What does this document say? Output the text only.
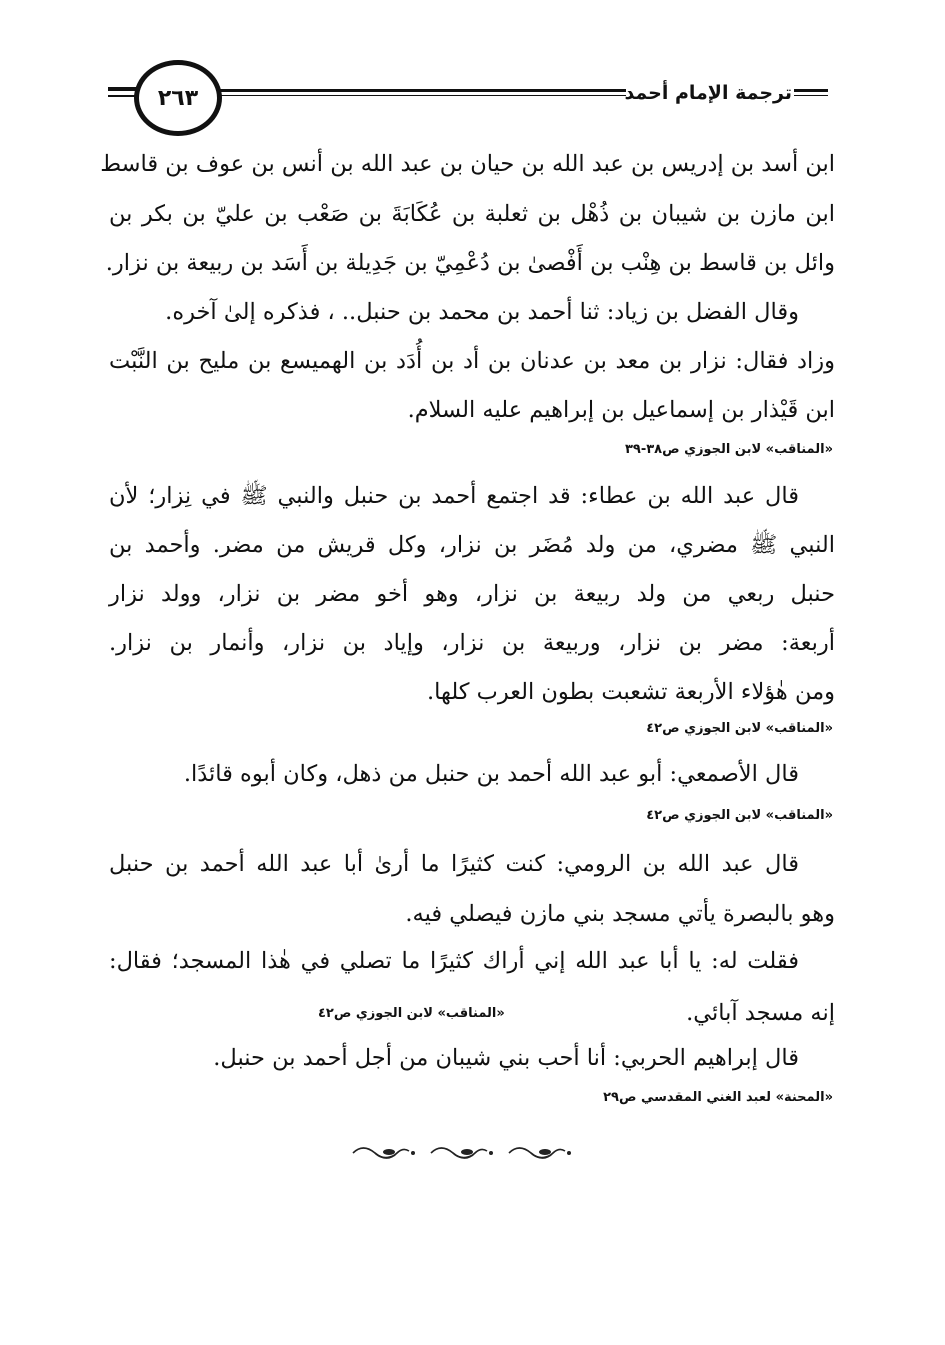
٢٦٣	ترجمة الإمام أحمد
ابن أسد بن إدريس بن عبد الله بن حيان بن عبد الله بن أنس بن عوف بن قاسط
ابن مازن بن شيبان بن ذُهْل بن ثعلبة بن عُكَابَةَ بن صَعْب بن عليّ بن بكر بن
وائل بن قاسط بن هِنْب بن أَفْصىٰ بن دُعْمِيّ بن جَدِيلة بن أَسَد بن ربيعة بن نزار.
وقال الفضل بن زياد: ثنا أحمد بن محمد بن حنبل.. ، فذكره إلىٰ آخره.
وزاد فقال: نزار بن معد بن عدنان بن أد بن أُدَد بن الهميسع بن مليح بن النَّبْت
ابن قَيْذار بن إسماعيل بن إبراهيم عليه السلام.
«المناقب» لابن الجوزي ص٣٨-٣٩
قال عبد الله بن عطاء: قد اجتمع أحمد بن حنبل والنبي ﷺ في نِزار؛ لأن
النبي ﷺ مضري، من ولد مُضَر بن نزار، وكل قريش من مضر. وأحمد بن
حنبل ربعي من ولد ربيعة بن نزار، وهو أخو مضر بن نزار، وولد نزار
أربعة: مضر بن نزار، وربيعة بن نزار، وإياد بن نزار، وأنمار بن نزار.
ومن هٰؤلاء الأربعة تشعبت بطون العرب كلها.
«المناقب» لابن الجوزي ص٤٢
قال الأصمعي: أبو عبد الله أحمد بن حنبل من ذهل، وكان أبوه قائدًا.
«المناقب» لابن الجوزي ص٤٢
قال عبد الله بن الرومي: كنت كثيرًا ما أرىٰ أبا عبد الله أحمد بن حنبل
وهو بالبصرة يأتي مسجد بني مازن فيصلي فيه.
فقلت له: يا أبا عبد الله إني أراك كثيرًا ما تصلي في هٰذا المسجد؛ فقال:
إنه مسجد آبائي.
«المناقب» لابن الجوزي ص٤٢
قال إبراهيم الحربي: أنا أحب بني شيبان من أجل أحمد بن حنبل.
«المحنة» لعبد الغني المقدسي ص٢٩
